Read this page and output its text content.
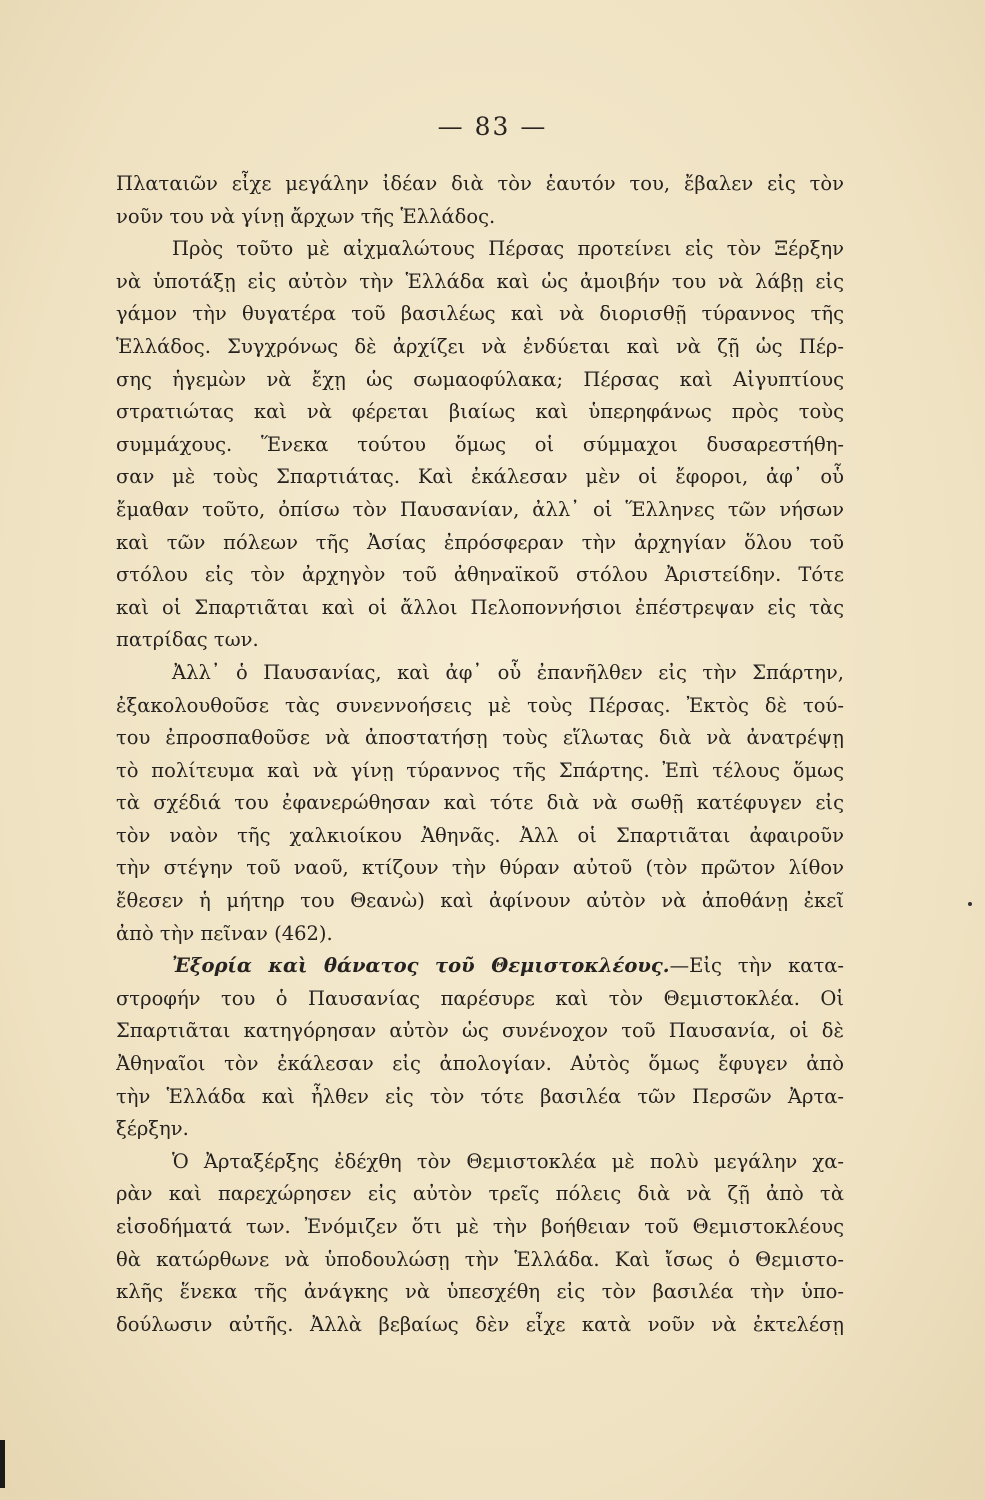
— 83 —
Πλαταιῶν εἶχε μεγάλην ἰδέαν διὰ τὸν ἑαυτόν του, ἔβαλεν εἰς τὸν
νοῦν του νὰ γίνῃ ἄρχων τῆς Ἑλλάδος.
Πρὸς τοῦτο μὲ αἰχμαλώτους Πέρσας προτείνει εἰς τὸν Ξέρξην
νὰ ὑποτάξῃ εἰς αὐτὸν τὴν Ἑλλάδα καὶ ὡς ἀμοιβήν του νὰ λάβῃ εἰς
γάμον τὴν θυγατέρα τοῦ βασιλέως καὶ νὰ διορισθῇ τύραννος τῆς
Ἑλλάδος. Συγχρόνως δὲ ἀρχίζει νὰ ἐνδύεται καὶ νὰ ζῇ ὡς Πέρ-
σης ἡγεμὼν νὰ ἔχῃ ὡς σωμαοφύλακα; Πέρσας καὶ Αἰγυπτίους
στρατιώτας καὶ νὰ φέρεται βιαίως καὶ ὑπερηφάνως πρὸς τοὺς
συμμάχους. Ἕνεκα τούτου ὅμως οἱ σύμμαχοι δυσαρεστήθη-
σαν μὲ τοὺς Σπαρτιάτας. Καὶ ἐκάλεσαν μὲν οἱ ἔφοροι, ἀφ᾽ οὗ
ἔμαθαν τοῦτο, ὀπίσω τὸν Παυσανίαν, ἀλλ᾽ οἱ Ἕλληνες τῶν νήσων
καὶ τῶν πόλεων τῆς Ἀσίας ἐπρόσφεραν τὴν ἀρχηγίαν ὅλου τοῦ
στόλου εἰς τὸν ἀρχηγὸν τοῦ ἀθηναϊκοῦ στόλου Ἀριστείδην. Τότε
καὶ οἱ Σπαρτιᾶται καὶ οἱ ἄλλοι Πελοποννήσιοι ἐπέστρεψαν εἰς τὰς
πατρίδας των.
Ἀλλ᾽ ὁ Παυσανίας, καὶ ἀφ᾽ οὗ ἐπανῆλθεν εἰς τὴν Σπάρτην,
ἐξακολουθοῦσε τὰς συνεννοήσεις μὲ τοὺς Πέρσας. Ἐκτὸς δὲ τού-
του ἐπροσπαθοῦσε νὰ ἀποστατήσῃ τοὺς εἵλωτας διὰ νὰ ἀνατρέψῃ
τὸ πολίτευμα καὶ νὰ γίνῃ τύραννος τῆς Σπάρτης. Ἐπὶ τέλους ὅμως
τὰ σχέδιά του ἐφανερώθησαν καὶ τότε διὰ νὰ σωθῇ κατέφυγεν εἰς
τὸν ναὸν τῆς χαλκιοίκου Ἀθηνᾶς. Ἀλλ οἱ Σπαρτιᾶται ἀφαιροῦν
τὴν στέγην τοῦ ναοῦ, κτίζουν τὴν θύραν αὐτοῦ (τὸν πρῶτον λίθον
ἔθεσεν ἡ μήτηρ του Θεανὼ) καὶ ἀφίνουν αὐτὸν νὰ ἀποθάνῃ ἐκεῖ
ἀπὸ τὴν πεῖναν (462).
Ἐξορία καὶ θάνατος τοῦ Θεμιστοκλέους.—Εἰς τὴν κατα-
στροφήν του ὁ Παυσανίας παρέσυρε καὶ τὸν Θεμιστοκλέα. Οἱ
Σπαρτιᾶται κατηγόρησαν αὐτὸν ὡς συνένοχον τοῦ Παυσανία, οἱ δὲ
Ἀθηναῖοι τὸν ἐκάλεσαν εἰς ἀπολογίαν. Αὐτὸς ὅμως ἔφυγεν ἀπὸ
τὴν Ἑλλάδα καὶ ἦλθεν εἰς τὸν τότε βασιλέα τῶν Περσῶν Ἀρτα-
ξέρξην.
Ὁ Ἀρταξέρξης ἐδέχθη τὸν Θεμιστοκλέα μὲ πολὺ μεγάλην χα-
ρὰν καὶ παρεχώρησεν εἰς αὐτὸν τρεῖς πόλεις διὰ νὰ ζῇ ἀπὸ τὰ
εἰσοδήματά των. Ἐνόμιζεν ὅτι μὲ τὴν βοήθειαν τοῦ Θεμιστοκλέους
θὰ κατώρθωνε νὰ ὑποδουλώσῃ τὴν Ἑλλάδα. Καὶ ἴσως ὁ Θεμιστο-
κλῆς ἕνεκα τῆς ἀνάγκης νὰ ὑπεσχέθη εἰς τὸν βασιλέα τὴν ὑπο-
δούλωσιν αὐτῆς. Ἀλλὰ βεβαίως δὲν εἶχε κατὰ νοῦν νὰ ἐκτελέσῃ
